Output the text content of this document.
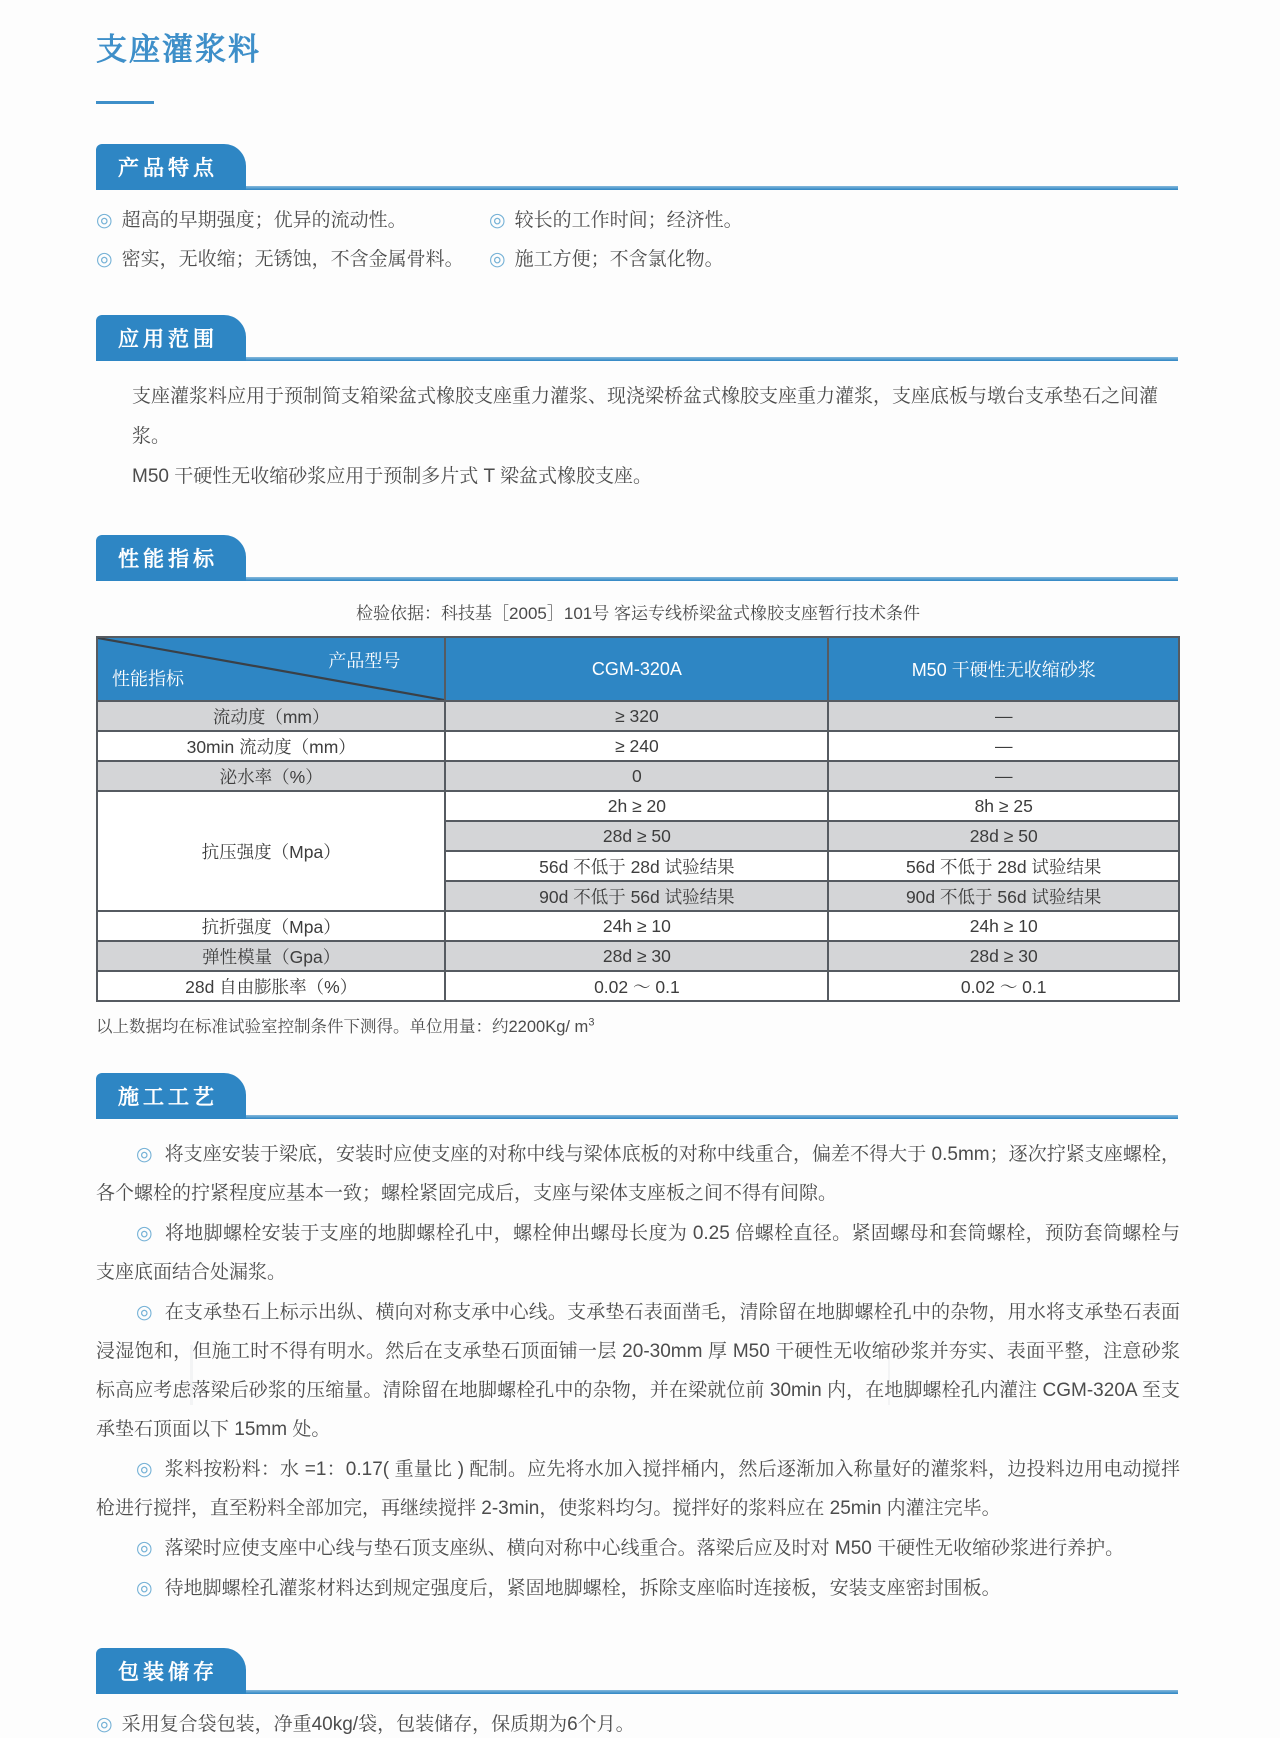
支座灌浆料
产品特点
◎ 超高的早期强度；优异的流动性。	◎ 较长的工作时间；经济性。
◎ 密实，无收缩；无锈蚀，不含金属骨料。 ◎ 施工方便；不含氯化物。
应用范围
支座灌浆料应用于预制简支箱梁盆式橡胶支座重力灌浆、现浇梁桥盆式橡胶支座重力灌浆，支座底板与墩台支承垫石之间灌浆。
M50 干硬性无收缩砂浆应用于预制多片式 T 梁盆式橡胶支座。
性能指标
检验依据：科技基［2005］101号 客运专线桥梁盆式橡胶支座暂行技术条件
产品型号
性能指标	CGM-320A	M50 干硬性无收缩砂浆
流动度（mm）	≥ 320	—
30min 流动度（mm）	≥ 240	—
泌水率（%）	0	—
抗压强度（Mpa）	2h ≥ 20	8h ≥ 25
	28d ≥ 50	28d ≥ 50
	56d 不低于 28d 试验结果	56d 不低于 28d 试验结果
	90d 不低于 56d 试验结果	90d 不低于 56d 试验结果
抗折强度（Mpa）	24h ≥ 10	24h ≥ 10
弹性模量（Gpa）	28d ≥ 30	28d ≥ 30
28d 自由膨胀率（%）	0.02 ～ 0.1	0.02 ～ 0.1
以上数据均在标准试验室控制条件下测得。单位用量：约2200Kg/ $m^3$
施工工艺

◎ 将支座安装于梁底，安装时应使支座的对称中线与梁体底板的对称中线重合，偏差不得大于 0.5mm；逐次拧紧支座螺栓，各个螺栓的拧紧程度应基本一致；螺栓紧固完成后，支座与梁体支座板之间不得有间隙。

◎ 将地脚螺栓安装于支座的地脚螺栓孔中，螺栓伸出螺母长度为 0.25 倍螺栓直径。紧固螺母和套筒螺栓，预防套筒螺栓与支座底面结合处漏浆。

◎ 在支承垫石上标示出纵、横向对称支承中心线。支承垫石表面凿毛，清除留在地脚螺栓孔中的杂物，用水将支承垫石表面浸湿饱和，但施工时不得有明水。然后在支承垫石顶面铺一层 20-30mm 厚 M50 干硬性无收缩砂浆并夯实、表面平整，注意砂浆标高应考虑落梁后砂浆的压缩量。清除留在地脚螺栓孔中的杂物，并在梁就位前 30min 内，在地脚螺栓孔内灌注 CGM-320A 至支承垫石顶面以下 15mm 处。

◎ 浆料按粉料：水 =1：0.17( 重量比 ) 配制。应先将水加入搅拌桶内，然后逐渐加入称量好的灌浆料，边投料边用电动搅拌枪进行搅拌，直至粉料全部加完，再继续搅拌 2-3min，使浆料均匀。搅拌好的浆料应在 25min 内灌注完毕。

◎ 落梁时应使支座中心线与垫石顶支座纵、横向对称中心线重合。落梁后应及时对 M50 干硬性无收缩砂浆进行养护。

◎ 待地脚螺栓孔灌浆材料达到规定强度后，紧固地脚螺栓，拆除支座临时连接板，安装支座密封围板。

包装储存
◎ 采用复合袋包装，净重40kg/袋，包装储存，保质期为6个月。
